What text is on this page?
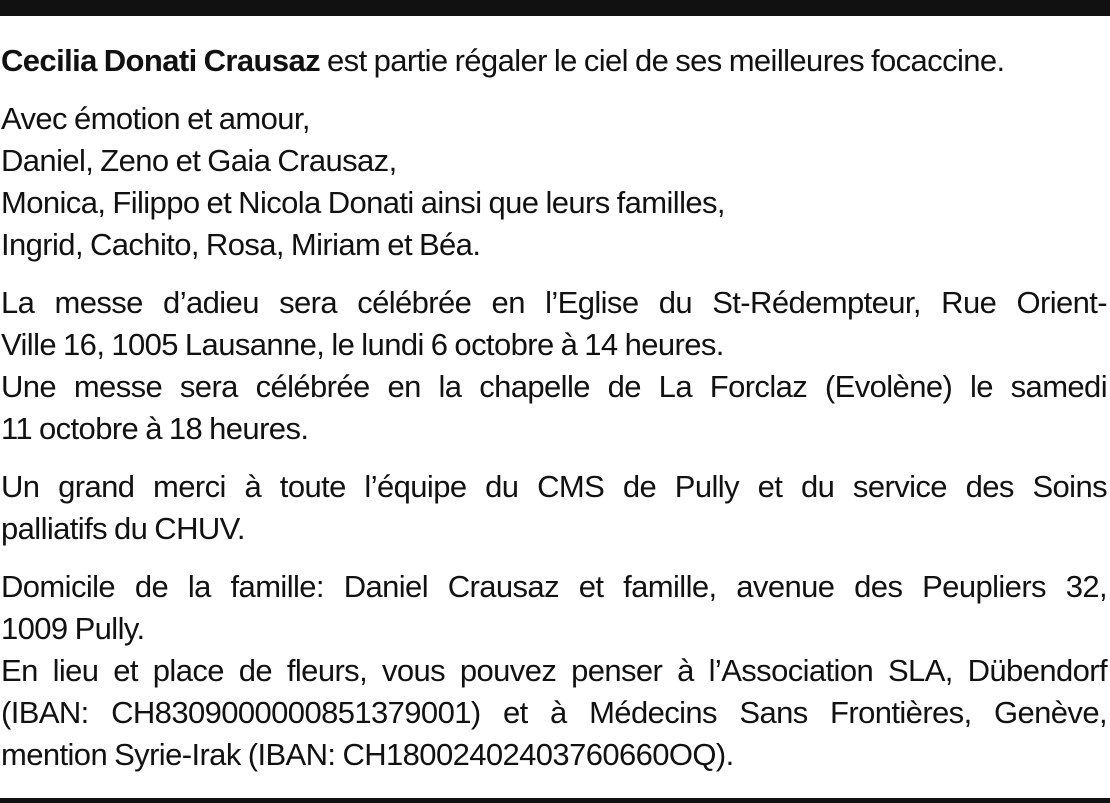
Cecilia Donati Crausaz est partie régaler le ciel de ses meilleures focaccine.
Avec émotion et amour,
Daniel, Zeno et Gaia Crausaz,
Monica, Filippo et Nicola Donati ainsi que leurs familles,
Ingrid, Cachito, Rosa, Miriam et Béa.
La messe d’adieu sera célébrée en l’Eglise du St-Rédempteur, Rue Orient-
Ville 16, 1005 Lausanne, le lundi 6 octobre à 14 heures.
Une messe sera célébrée en la chapelle de La Forclaz (Evolène) le samedi
11 octobre à 18 heures.
Un grand merci à toute l’équipe du CMS de Pully et du service des Soins
palliatifs du CHUV.
Domicile de la famille: Daniel Crausaz et famille, avenue des Peupliers 32,
1009 Pully.
En lieu et place de fleurs, vous pouvez penser à l’Association SLA, Dübendorf
(IBAN: CH8309000000851379001) et à Médecins Sans Frontières, Genève,
mention Syrie-Irak (IBAN: CH18002402403760660OQ).
